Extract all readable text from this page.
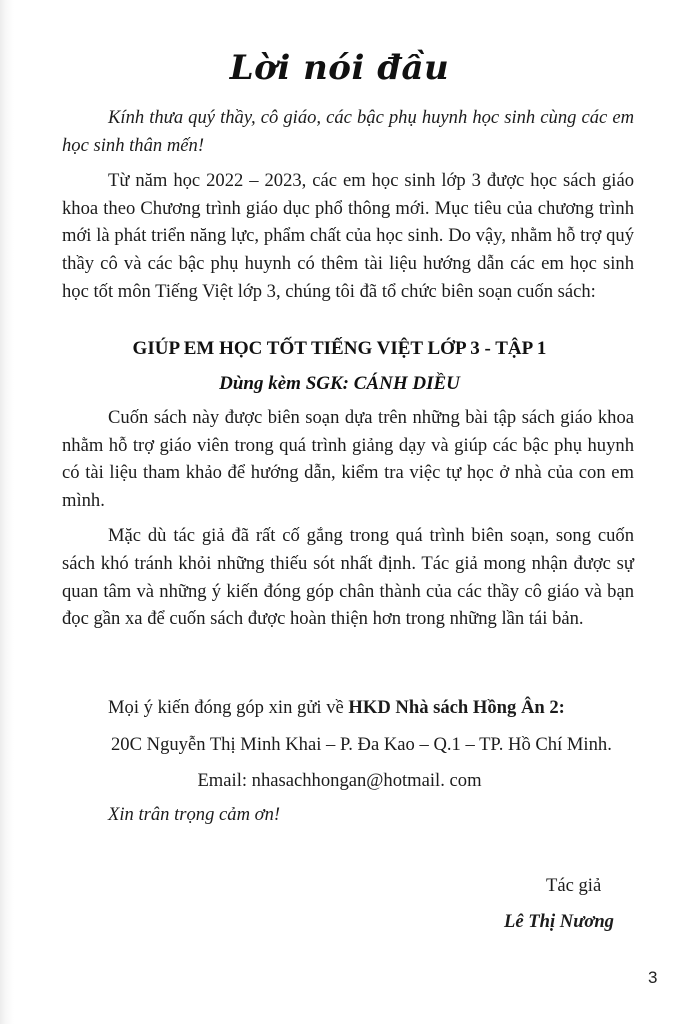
Lời nói đầu

Kính thưa quý thầy, cô giáo, các bậc phụ huynh học sinh cùng các em học sinh thân mến!

Từ năm học 2022 – 2023, các em học sinh lớp 3 được học sách giáo khoa theo Chương trình giáo dục phổ thông mới. Mục tiêu của chương trình mới là phát triển năng lực, phẩm chất của học sinh. Do vậy, nhằm hỗ trợ quý thầy cô và các bậc phụ huynh có thêm tài liệu hướng dẫn các em học sinh học tốt môn Tiếng Việt lớp 3, chúng tôi đã tổ chức biên soạn cuốn sách:

GIÚP EM HỌC TỐT TIẾNG VIỆT LỚP 3 - TẬP 1
Dùng kèm SGK: CÁNH DIỀU

Cuốn sách này được biên soạn dựa trên những bài tập sách giáo khoa nhằm hỗ trợ giáo viên trong quá trình giảng dạy và giúp các bậc phụ huynh có tài liệu tham khảo để hướng dẫn, kiểm tra việc tự học ở nhà của con em mình.

Mặc dù tác giả đã rất cố gắng trong quá trình biên soạn, song cuốn sách khó tránh khỏi những thiếu sót nhất định. Tác giả mong nhận được sự quan tâm và những ý kiến đóng góp chân thành của các thầy cô giáo và bạn đọc gần xa để cuốn sách được hoàn thiện hơn trong những lần tái bản.

Mọi ý kiến đóng góp xin gửi về HKD Nhà sách Hồng Ân 2:
20C Nguyễn Thị Minh Khai – P. Đa Kao – Q.1 – TP. Hồ Chí Minh.
Email: nhasachhongan@hotmail. com
Xin trân trọng cảm ơn!
Tác giả
Lê Thị Nương
3
